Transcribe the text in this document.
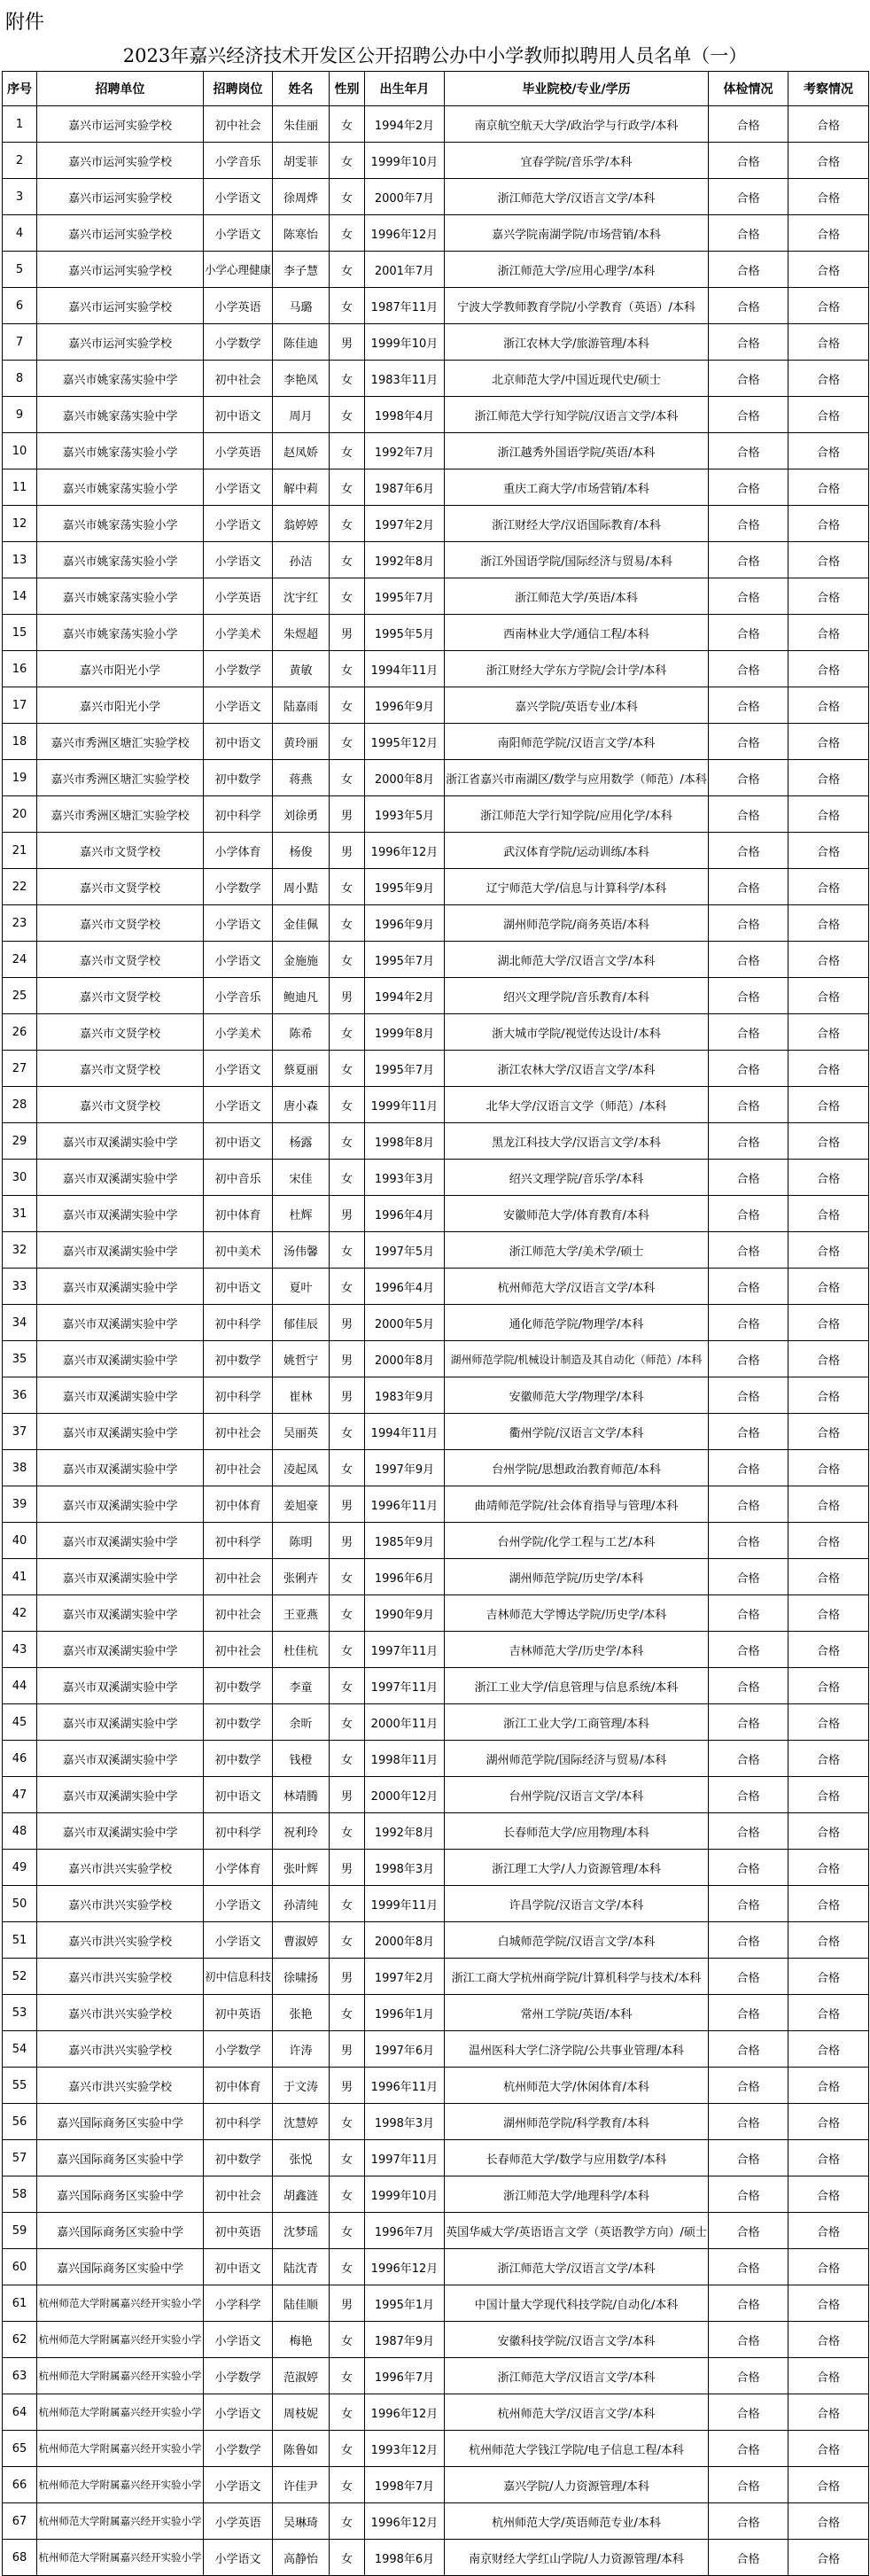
附件
2023年嘉兴经济技术开发区公开招聘公办中小学教师拟聘用人员名单（一）
序号	招聘单位	招聘岗位	姓名	性别	出生年月	毕业院校/专业/学历	体检情况	考察情况
1	嘉兴市运河实验学校	初中社会	朱佳丽	女	1994年2月	南京航空航天大学/政治学与行政学/本科	合格	合格
2	嘉兴市运河实验学校	小学音乐	胡雯菲	女	1999年10月	宜春学院/音乐学/本科	合格	合格
3	嘉兴市运河实验学校	小学语文	徐周烨	女	2000年7月	浙江师范大学/汉语言文学/本科	合格	合格
4	嘉兴市运河实验学校	小学语文	陈寒怡	女	1996年12月	嘉兴学院南湖学院/市场营销/本科	合格	合格
5	嘉兴市运河实验学校	小学心理健康	李子慧	女	2001年7月	浙江师范大学/应用心理学/本科	合格	合格
6	嘉兴市运河实验学校	小学英语	马璐	女	1987年11月	宁波大学教师教育学院/小学教育（英语）/本科	合格	合格
7	嘉兴市运河实验学校	小学数学	陈佳迪	男	1999年10月	浙江农林大学/旅游管理/本科	合格	合格
8	嘉兴市姚家荡实验中学	初中社会	李艳凤	女	1983年11月	北京师范大学/中国近现代史/硕士	合格	合格
9	嘉兴市姚家荡实验中学	初中语文	周月	女	1998年4月	浙江师范大学行知学院/汉语言文学/本科	合格	合格
10	嘉兴市姚家荡实验小学	小学英语	赵凤娇	女	1992年7月	浙江越秀外国语学院/英语/本科	合格	合格
11	嘉兴市姚家荡实验小学	小学语文	解中莉	女	1987年6月	重庆工商大学/市场营销/本科	合格	合格
12	嘉兴市姚家荡实验小学	小学语文	翁婷婷	女	1997年2月	浙江财经大学/汉语国际教育/本科	合格	合格
13	嘉兴市姚家荡实验小学	小学语文	孙洁	女	1992年8月	浙江外国语学院/国际经济与贸易/本科	合格	合格
14	嘉兴市姚家荡实验小学	小学英语	沈宇红	女	1995年7月	浙江师范大学/英语/本科	合格	合格
15	嘉兴市姚家荡实验小学	小学美术	朱煜超	男	1995年5月	西南林业大学/通信工程/本科	合格	合格
16	嘉兴市阳光小学	小学数学	黄敏	女	1994年11月	浙江财经大学东方学院/会计学/本科	合格	合格
17	嘉兴市阳光小学	小学语文	陆嘉雨	女	1996年9月	嘉兴学院/英语专业/本科	合格	合格
18	嘉兴市秀洲区塘汇实验学校	初中语文	黄玲丽	女	1995年12月	南阳师范学院/汉语言文学/本科	合格	合格
19	嘉兴市秀洲区塘汇实验学校	初中数学	蒋燕	女	2000年8月	浙江省嘉兴市南湖区/数学与应用数学（师范）/本科	合格	合格
20	嘉兴市秀洲区塘汇实验学校	初中科学	刘徐勇	男	1993年5月	浙江师范大学行知学院/应用化学/本科	合格	合格
21	嘉兴市文贤学校	小学体育	杨俊	男	1996年12月	武汉体育学院/运动训练/本科	合格	合格
22	嘉兴市文贤学校	小学数学	周小黠	女	1995年9月	辽宁师范大学/信息与计算科学/本科	合格	合格
23	嘉兴市文贤学校	小学语文	金佳佩	女	1996年9月	湖州师范学院/商务英语/本科	合格	合格
24	嘉兴市文贤学校	小学语文	金施施	女	1995年7月	湖北师范大学/汉语言文学/本科	合格	合格
25	嘉兴市文贤学校	小学音乐	鲍迪凡	男	1994年2月	绍兴文理学院/音乐教育/本科	合格	合格
26	嘉兴市文贤学校	小学美术	陈希	女	1999年8月	浙大城市学院/视觉传达设计/本科	合格	合格
27	嘉兴市文贤学校	小学语文	蔡夏丽	女	1995年7月	浙江农林大学/汉语言文学/本科	合格	合格
28	嘉兴市文贤学校	小学语文	唐小森	女	1999年11月	北华大学/汉语言文学（师范）/本科	合格	合格
29	嘉兴市双溪湖实验中学	初中语文	杨露	女	1998年8月	黑龙江科技大学/汉语言文学/本科	合格	合格
30	嘉兴市双溪湖实验中学	初中音乐	宋佳	女	1993年3月	绍兴文理学院/音乐学/本科	合格	合格
31	嘉兴市双溪湖实验中学	初中体育	杜辉	男	1996年4月	安徽师范大学/体育教育/本科	合格	合格
32	嘉兴市双溪湖实验中学	初中美术	汤伟馨	女	1997年5月	浙江师范大学/美术学/硕士	合格	合格
33	嘉兴市双溪湖实验中学	初中语文	夏叶	女	1996年4月	杭州师范大学/汉语言文学/本科	合格	合格
34	嘉兴市双溪湖实验中学	初中科学	郁佳辰	男	2000年5月	通化师范学院/物理学/本科	合格	合格
35	嘉兴市双溪湖实验中学	初中数学	姚哲宁	男	2000年8月	湖州师范学院/机械设计制造及其自动化（师范）/本科	合格	合格
36	嘉兴市双溪湖实验中学	初中科学	崔林	男	1983年9月	安徽师范大学/物理学/本科	合格	合格
37	嘉兴市双溪湖实验中学	初中社会	吴丽英	女	1994年11月	衢州学院/汉语言文学/本科	合格	合格
38	嘉兴市双溪湖实验中学	初中社会	凌起凤	女	1997年9月	台州学院/思想政治教育师范/本科	合格	合格
39	嘉兴市双溪湖实验中学	初中体育	姜旭豪	男	1996年11月	曲靖师范学院/社会体育指导与管理/本科	合格	合格
40	嘉兴市双溪湖实验中学	初中科学	陈明	男	1985年9月	台州学院/化学工程与工艺/本科	合格	合格
41	嘉兴市双溪湖实验中学	初中社会	张俐卉	女	1996年6月	湖州师范学院/历史学/本科	合格	合格
42	嘉兴市双溪湖实验中学	初中社会	王亚燕	女	1990年9月	吉林师范大学博达学院/历史学/本科	合格	合格
43	嘉兴市双溪湖实验中学	初中社会	杜佳杭	女	1997年11月	吉林师范大学/历史学/本科	合格	合格
44	嘉兴市双溪湖实验中学	初中数学	李童	女	1997年11月	浙江工业大学/信息管理与信息系统/本科	合格	合格
45	嘉兴市双溪湖实验中学	初中数学	余昕	女	2000年11月	浙江工业大学/工商管理/本科	合格	合格
46	嘉兴市双溪湖实验中学	初中数学	钱橙	女	1998年11月	湖州师范学院/国际经济与贸易/本科	合格	合格
47	嘉兴市双溪湖实验中学	初中语文	林靖腾	男	2000年12月	台州学院/汉语言文学/本科	合格	合格
48	嘉兴市双溪湖实验中学	初中科学	祝利玲	女	1992年8月	长春师范大学/应用物理/本科	合格	合格
49	嘉兴市洪兴实验学校	小学体育	张叶辉	男	1998年3月	浙江理工大学/人力资源管理/本科	合格	合格
50	嘉兴市洪兴实验学校	小学语文	孙清纯	女	1999年11月	许昌学院/汉语言文学/本科	合格	合格
51	嘉兴市洪兴实验学校	小学语文	曹淑婷	女	2000年8月	白城师范学院/汉语言文学/本科	合格	合格
52	嘉兴市洪兴实验学校	初中信息科技	徐啸扬	男	1997年2月	浙江工商大学杭州商学院/计算机科学与技术/本科	合格	合格
53	嘉兴市洪兴实验学校	初中英语	张艳	女	1996年1月	常州工学院/英语/本科	合格	合格
54	嘉兴市洪兴实验学校	小学数学	许涛	男	1997年6月	温州医科大学仁济学院/公共事业管理/本科	合格	合格
55	嘉兴市洪兴实验学校	初中体育	于文涛	男	1996年11月	杭州师范大学/休闲体育/本科	合格	合格
56	嘉兴国际商务区实验中学	初中科学	沈慧婷	女	1998年3月	湖州师范学院/科学教育/本科	合格	合格
57	嘉兴国际商务区实验中学	初中数学	张悦	女	1997年11月	长春师范大学/数学与应用数学/本科	合格	合格
58	嘉兴国际商务区实验中学	初中社会	胡鑫涟	女	1999年10月	浙江师范大学/地理科学/本科	合格	合格
59	嘉兴国际商务区实验中学	初中英语	沈梦瑶	女	1996年7月	英国华威大学/英语语言文学（英语教学方向）/硕士	合格	合格
60	嘉兴国际商务区实验中学	初中语文	陆沈青	女	1996年12月	浙江师范大学/汉语言文学/本科	合格	合格
61	杭州师范大学附属嘉兴经开实验小学	小学科学	陆佳顺	男	1995年1月	中国计量大学现代科技学院/自动化/本科	合格	合格
62	杭州师范大学附属嘉兴经开实验小学	小学语文	梅艳	女	1987年9月	安徽科技学院/汉语言文学/本科	合格	合格
63	杭州师范大学附属嘉兴经开实验小学	小学数学	范淑婷	女	1996年7月	浙江师范大学/汉语言文学/本科	合格	合格
64	杭州师范大学附属嘉兴经开实验小学	小学语文	周枝妮	女	1996年12月	杭州师范大学/汉语言文学/本科	合格	合格
65	杭州师范大学附属嘉兴经开实验小学	小学数学	陈鲁如	女	1993年12月	杭州师范大学钱江学院/电子信息工程/本科	合格	合格
66	杭州师范大学附属嘉兴经开实验小学	小学语文	许佳尹	女	1998年7月	嘉兴学院/人力资源管理/本科	合格	合格
67	杭州师范大学附属嘉兴经开实验小学	小学英语	吴琳琦	女	1996年12月	杭州师范大学/英语师范专业/本科	合格	合格
68	杭州师范大学附属嘉兴经开实验小学	小学语文	高静怡	女	1998年6月	南京财经大学红山学院/人力资源管理/本科	合格	合格
